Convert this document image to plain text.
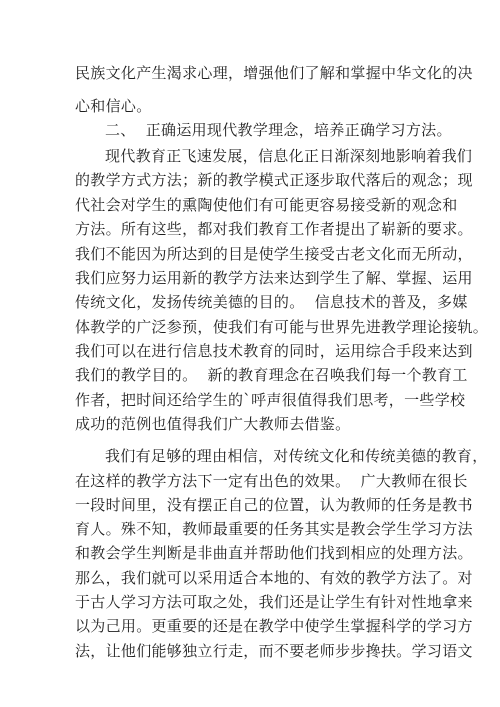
民族文化产生渴求心理，增强他们了解和掌握中华文化的决
心和信心。
二、  正确运用现代教学理念，培养正确学习方法。
现代教育正飞速发展，信息化正日渐深刻地影响着我们
的教学方式方法；新的教学模式正逐步取代落后的观念；现
代社会对学生的熏陶使他们有可能更容易接受新的观念和
方法。所有这些，都对我们教育工作者提出了崭新的要求。
我们不能因为所达到的目是使学生接受古老文化而无所动，
我们应努力运用新的教学方法来达到学生了解、掌握、运用
传统文化，发扬传统美德的目的。  信息技术的普及，多媒
体教学的广泛参预，使我们有可能与世界先进教学理论接轨。
我们可以在进行信息技术教育的同时，运用综合手段来达到
我们的教学目的。  新的教育理念在召唤我们每一个教育工
作者，把时间还给学生的`呼声很值得我们思考，一些学校
成功的范例也值得我们广大教师去借鉴。
我们有足够的理由相信，对传统文化和传统美德的教育，
在这样的教学方法下一定有出色的效果。  广大教师在很长
一段时间里，没有摆正自己的位置，认为教师的任务是教书
育人。殊不知，教师最重要的任务其实是教会学生学习方法
和教会学生判断是非曲直并帮助他们找到相应的处理方法。
那么，我们就可以采用适合本地的、有效的教学方法了。对
于古人学习方法可取之处，我们还是让学生有针对性地拿来
以为己用。更重要的还是在教学中使学生掌握科学的学习方
法，让他们能够独立行走，而不要老师步步搀扶。学习语文
